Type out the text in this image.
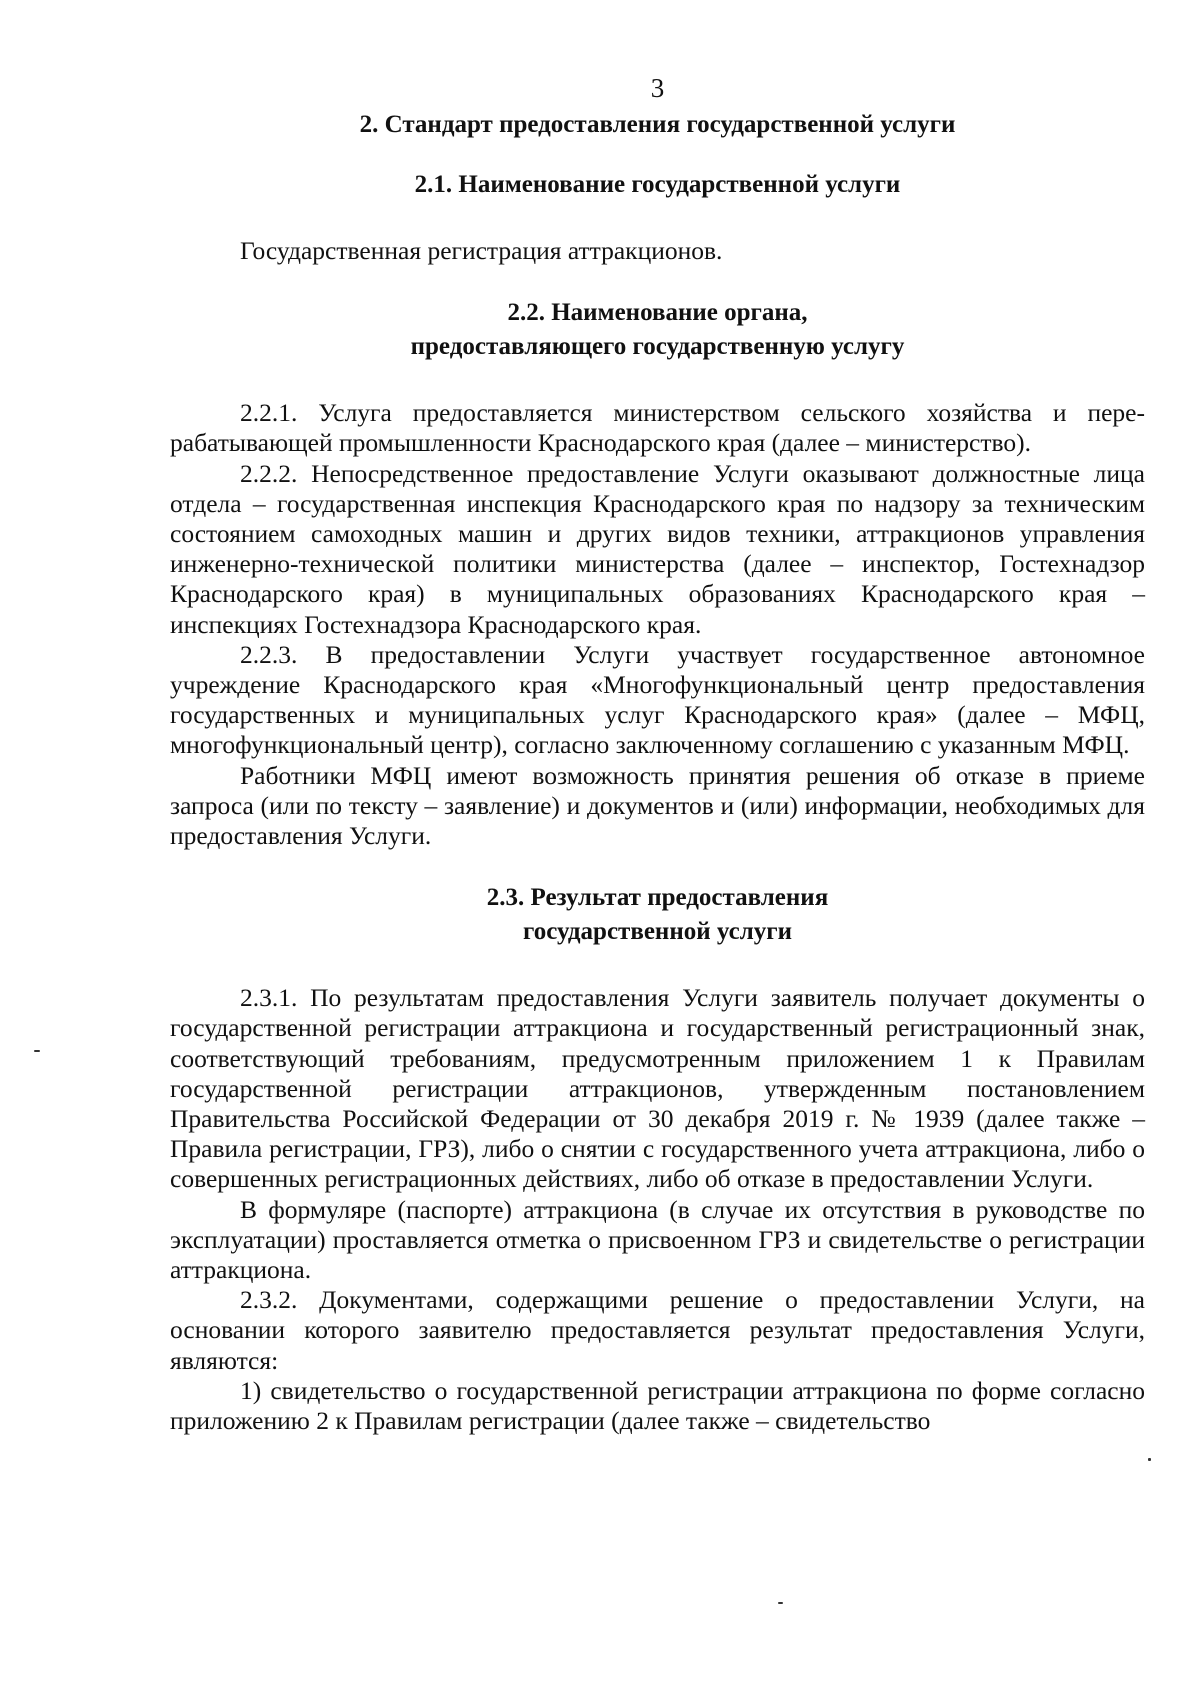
3

2. Стандарт предоставления государственной услуги

2.1. Наименование государственной услуги

Государственная регистрация аттракционов.

2.2. Наименование органа,

предоставляющего государственную услугу

2.2.1. Услуга предоставляется министерством сельского хозяйства и перерабатывающей промышленности Краснодарского края (далее – министерство).

2.2.2. Непосредственное предоставление Услуги оказывают должностные лица отдела – государственная инспекция Краснодарского края по надзору за техническим состоянием самоходных машин и других видов техники, аттракционов управления инженерно-технической политики министерства (далее – инспектор, Гостехнадзор Краснодарского края) в муниципальных образованиях Краснодарского края – инспекциях Гостехнадзора Краснодарского края.

2.2.3. В предоставлении Услуги участвует государственное автономное учреждение Краснодарского края «Многофункциональный центр предоставления государственных и муниципальных услуг Краснодарского края» (далее – МФЦ, многофункциональный центр), согласно заключенному соглашению с указанным МФЦ.

Работники МФЦ имеют возможность принятия решения об отказе в приеме запроса (или по тексту – заявление) и документов и (или) информации, необходимых для предоставления Услуги.

2.3. Результат предоставления

государственной услуги

2.3.1. По результатам предоставления Услуги заявитель получает документы о государственной регистрации аттракциона и государственный регистрационный знак, соответствующий требованиям, предусмотренным приложением 1 к Правилам государственной регистрации аттракционов, утвержденным постановлением Правительства Российской Федерации от 30 декабря 2019 г. № 1939 (далее также – Правила регистрации, ГРЗ), либо о снятии с государственного учета аттракциона, либо о совершенных регистрационных действиях, либо об отказе в предоставлении Услуги.

В формуляре (паспорте) аттракциона (в случае их отсутствия в руководстве по эксплуатации) проставляется отметка о присвоенном ГРЗ и свидетельстве о регистрации аттракциона.

2.3.2. Документами, содержащими решение о предоставлении Услуги, на основании которого заявителю предоставляется результат предоставления Услуги, являются:

1) свидетельство о государственной регистрации аттракциона по форме согласно приложению 2 к Правилам регистрации (далее также – свидетельство
